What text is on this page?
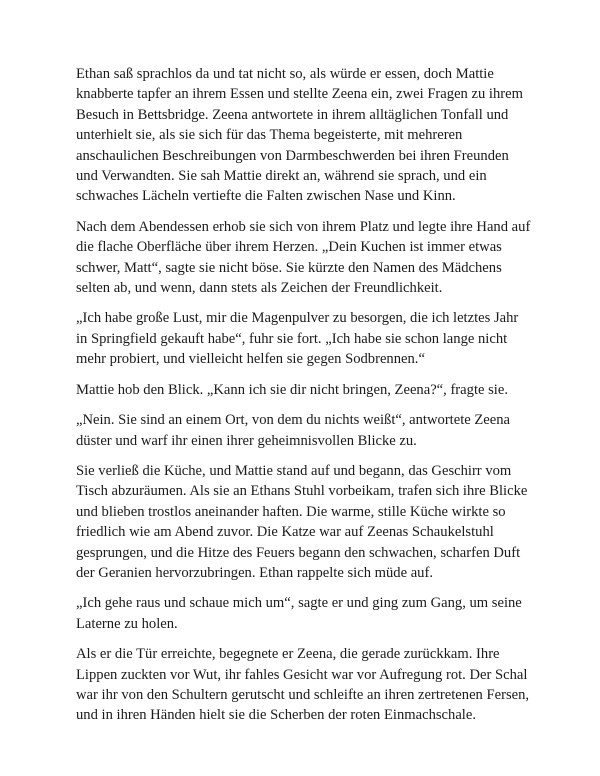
Ethan saß sprachlos da und tat nicht so, als würde er essen, doch Mattie knabberte tapfer an ihrem Essen und stellte Zeena ein, zwei Fragen zu ihrem Besuch in Bettsbridge. Zeena antwortete in ihrem alltäglichen Tonfall und unterhielt sie, als sie sich für das Thema begeisterte, mit mehreren anschaulichen Beschreibungen von Darmbeschwerden bei ihren Freunden und Verwandten. Sie sah Mattie direkt an, während sie sprach, und ein schwaches Lächeln vertiefte die Falten zwischen Nase und Kinn.

Nach dem Abendessen erhob sie sich von ihrem Platz und legte ihre Hand auf die flache Oberfläche über ihrem Herzen. „Dein Kuchen ist immer etwas schwer, Matt“, sagte sie nicht böse. Sie kürzte den Namen des Mädchens selten ab, und wenn, dann stets als Zeichen der Freundlichkeit.

„Ich habe große Lust, mir die Magenpulver zu besorgen, die ich letztes Jahr in Springfield gekauft habe“, fuhr sie fort. „Ich habe sie schon lange nicht mehr probiert, und vielleicht helfen sie gegen Sodbrennen.“

Mattie hob den Blick. „Kann ich sie dir nicht bringen, Zeena?“, fragte sie.

„Nein. Sie sind an einem Ort, von dem du nichts weißt“, antwortete Zeena düster und warf ihr einen ihrer geheimnisvollen Blicke zu.

Sie verließ die Küche, und Mattie stand auf und begann, das Geschirr vom Tisch abzuräumen. Als sie an Ethans Stuhl vorbeikam, trafen sich ihre Blicke und blieben trostlos aneinander haften. Die warme, stille Küche wirkte so friedlich wie am Abend zuvor. Die Katze war auf Zeenas Schaukelstuhl gesprungen, und die Hitze des Feuers begann den schwachen, scharfen Duft der Geranien hervorzubringen. Ethan rappelte sich müde auf.

„Ich gehe raus und schaue mich um“, sagte er und ging zum Gang, um seine Laterne zu holen.

Als er die Tür erreichte, begegnete er Zeena, die gerade zurückkam. Ihre Lippen zuckten vor Wut, ihr fahles Gesicht war vor Aufregung rot. Der Schal war ihr von den Schultern gerutscht und schleifte an ihren zertretenen Fersen, und in ihren Händen hielt sie die Scherben der roten Einmachschale.
